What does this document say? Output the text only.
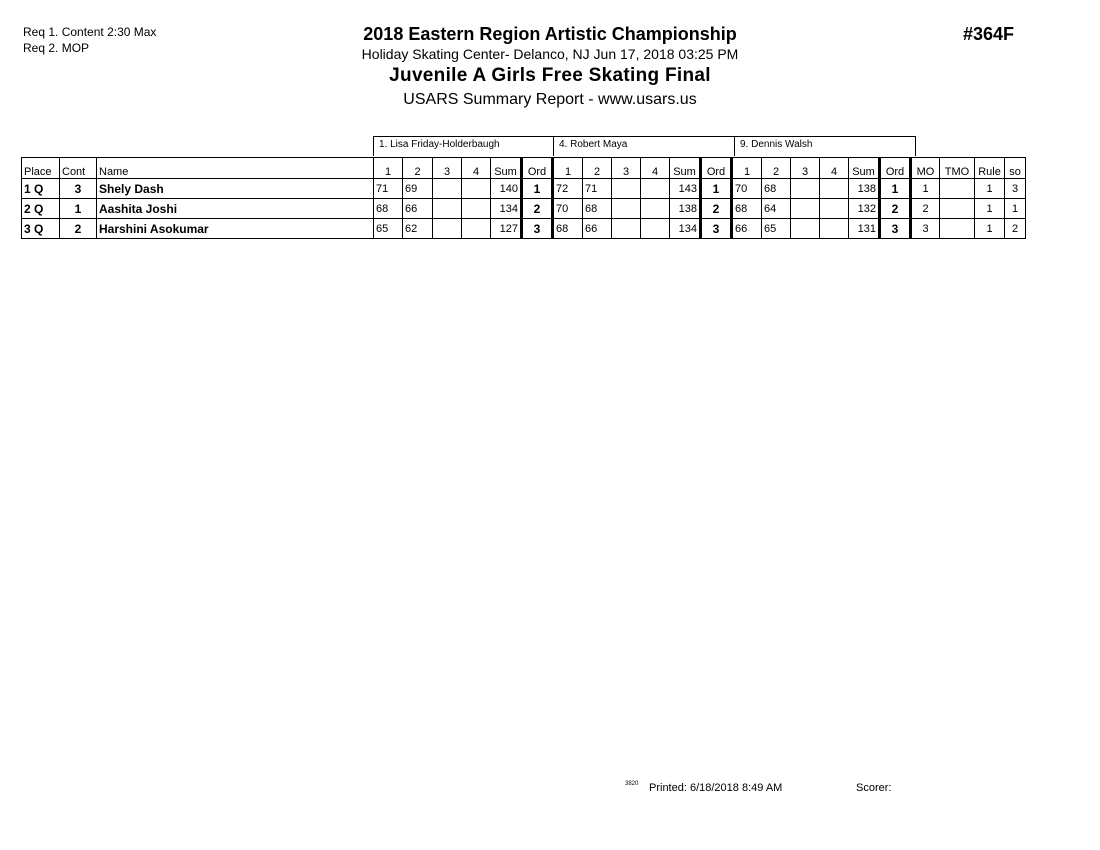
Req 1. Content 2:30 Max
Req 2. MOP
2018 Eastern Region Artistic Championship
Holiday Skating Center- Delanco, NJ Jun 17, 2018 03:25 PM
Juvenile A Girls Free Skating Final
USARS Summary Report - www.usars.us
#364F
1. Lisa Friday-Holderbaugh	4. Robert Maya	9. Dennis Walsh
Place	Cont	Name	1	2	3	4	Sum	Ord	1	2	3	4	Sum	Ord	1	2	3	4	Sum	Ord	MO	TMO	Rule	so
1 Q	3	Shely Dash	71	69			140	1	72	71			143	1	70	68			138	1	1		1	3
2 Q	1	Aashita Joshi	68	66			134	2	70	68			138	2	68	64			132	2	2		1	1
3 Q	2	Harshini Asokumar	65	62			127	3	68	66			134	3	66	65			131	3	3		1	2
3820 Printed: 6/18/2018 8:49 AM	Scorer:
